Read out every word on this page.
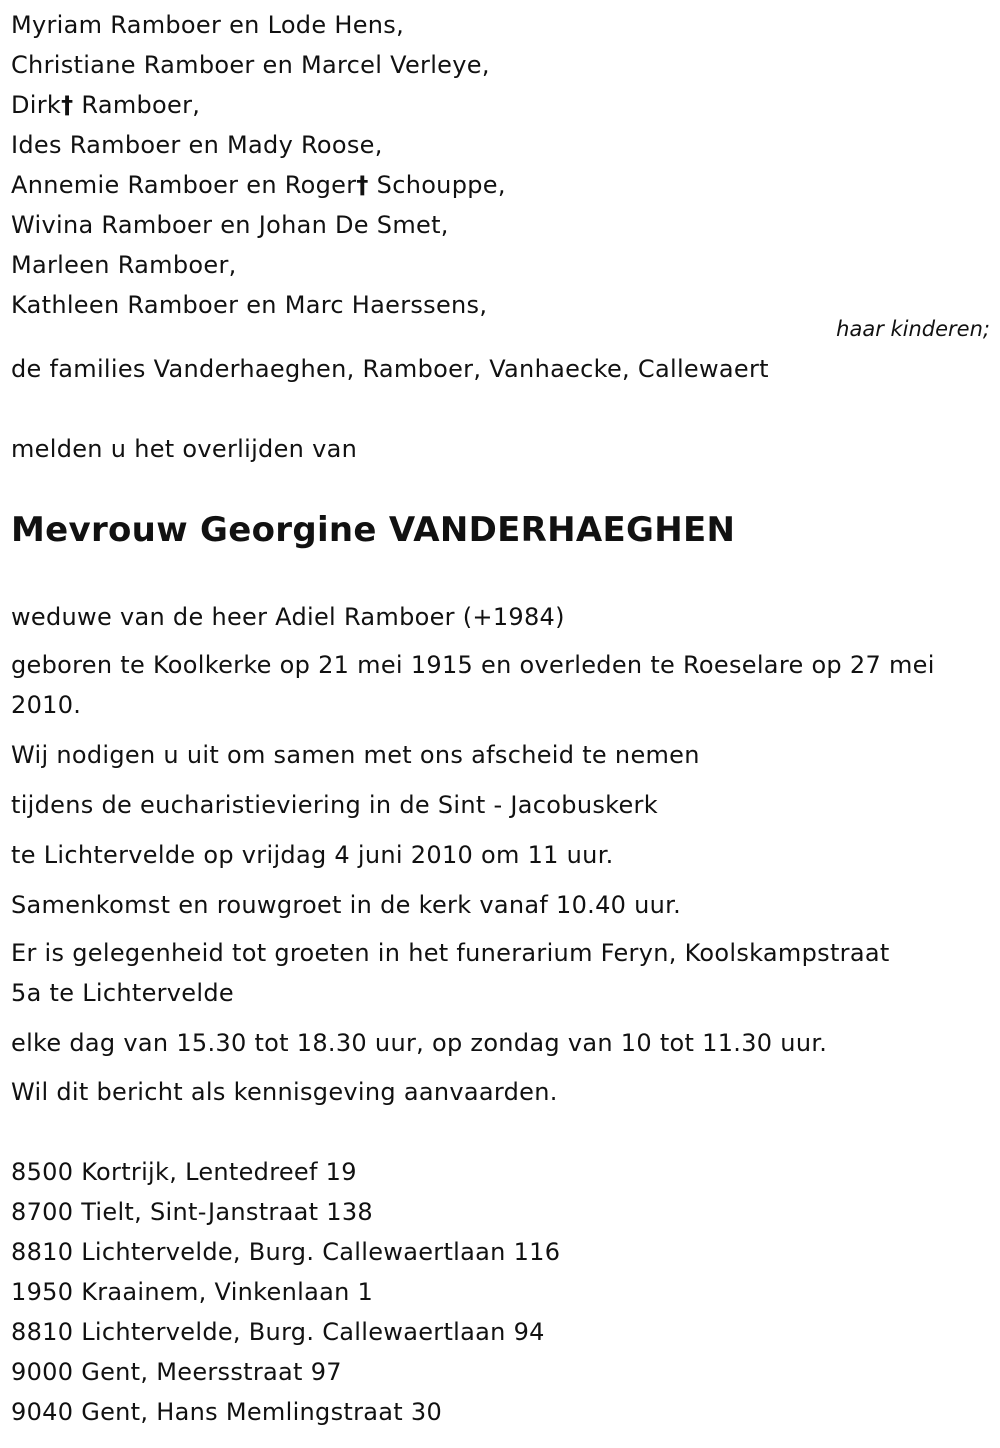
Myriam Ramboer en Lode Hens,
Christiane Ramboer en Marcel Verleye,
Dirk† Ramboer,
Ides Ramboer en Mady Roose,
Annemie Ramboer en Roger† Schouppe,
Wivina Ramboer en Johan De Smet,
Marleen Ramboer,
Kathleen Ramboer en Marc Haerssens,
haar kinderen;
de families Vanderhaeghen, Ramboer, Vanhaecke, Callewaert
melden u het overlijden van
Mevrouw Georgine VANDERHAEGHEN
weduwe van de heer Adiel Ramboer (+1984)
geboren te Koolkerke op 21 mei 1915 en overleden te Roeselare op 27 mei
2010.
Wij nodigen u uit om samen met ons afscheid te nemen
tijdens de eucharistieviering in de Sint - Jacobuskerk
te Lichtervelde op vrijdag 4 juni 2010 om 11 uur.
Samenkomst en rouwgroet in de kerk vanaf 10.40 uur.
Er is gelegenheid tot groeten in het funerarium Feryn, Koolskampstraat
5a te Lichtervelde
elke dag van 15.30 tot 18.30 uur, op zondag van 10 tot 11.30 uur.
Wil dit bericht als kennisgeving aanvaarden.
8500 Kortrijk, Lentedreef 19
8700 Tielt, Sint-Janstraat 138
8810 Lichtervelde, Burg. Callewaertlaan 116
1950 Kraainem, Vinkenlaan 1
8810 Lichtervelde, Burg. Callewaertlaan 94
9000 Gent, Meersstraat 97
9040 Gent, Hans Memlingstraat 30
